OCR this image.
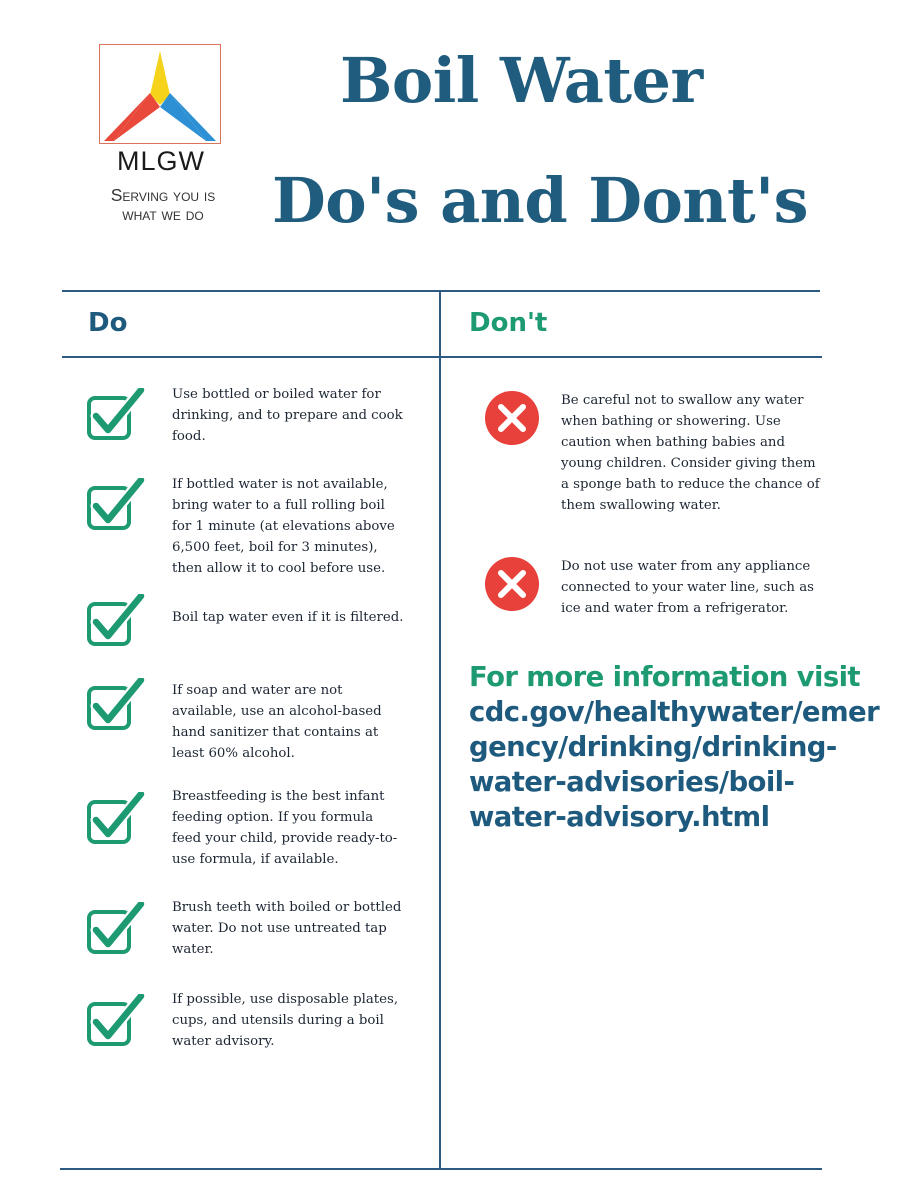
MLGW
Serving you is
what we do
Boil Water
Do's and Dont's
Do	Don't
Use bottled or boiled water for drinking, and to prepare and cook food.
If bottled water is not available, bring water to a full rolling boil for 1 minute (at elevations above 6,500 feet, boil for 3 minutes), then allow it to cool before use.
Boil tap water even if it is filtered.
If soap and water are not available, use an alcohol-based hand sanitizer that contains at least 60% alcohol.
Breastfeeding is the best infant feeding option. If you formula feed your child, provide ready-to-use formula, if available.
Brush teeth with boiled or bottled water. Do not use untreated tap water.
If possible, use disposable plates, cups, and utensils during a boil water advisory.
Be careful not to swallow any water when bathing or showering. Use caution when bathing babies and young children. Consider giving them a sponge bath to reduce the chance of them swallowing water.
Do not use water from any appliance connected to your water line, such as ice and water from a refrigerator.
For more information visit
cdc.gov/healthywater/emer
gency/drinking/drinking-
water-advisories/boil-
water-advisory.html
